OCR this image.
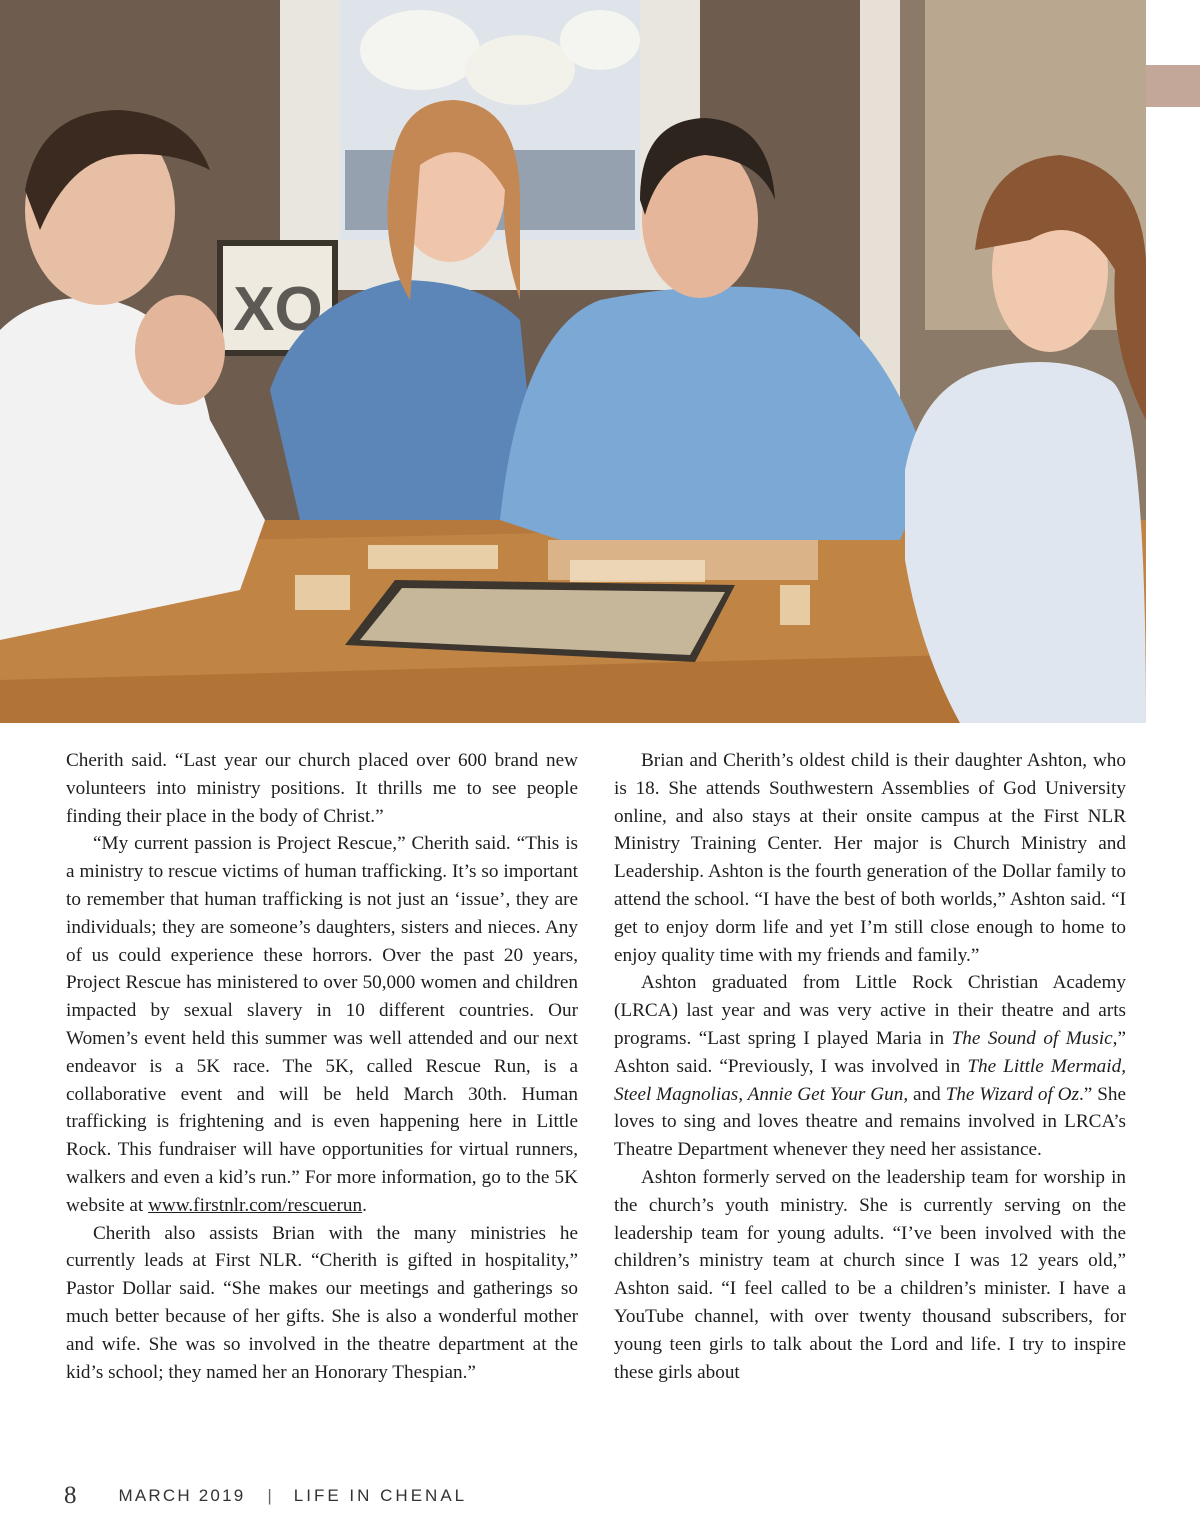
XO

Cherith said. “Last year our church placed over 600 brand new volunteers into ministry positions. It thrills me to see people finding their place in the body of Christ.”

“My current passion is Project Rescue,” Cherith said. “This is a ministry to rescue victims of human trafficking. It’s so important to remember that human trafficking is not just an ‘issue’, they are individuals; they are someone’s daughters, sisters and nieces. Any of us could experience these horrors. Over the past 20 years, Project Rescue has ministered to over 50,000 women and children impacted by sexual slavery in 10 different countries. Our Women’s event held this summer was well attended and our next endeavor is a 5K race. The 5K, called Rescue Run, is a collaborative event and will be held March 30th. Human trafficking is frightening and is even happening here in Little Rock. This fundraiser will have opportunities for virtual runners, walkers and even a kid’s run.” For more information, go to the 5K website at www.firstnlr.com/rescuerun.

Cherith also assists Brian with the many ministries he currently leads at First NLR. “Cherith is gifted in hospitality,” Pastor Dollar said. “She makes our meetings and gatherings so much better because of her gifts. She is also a wonderful mother and wife. She was so involved in the theatre department at the kid’s school; they named her an Honorary Thespian.”

Brian and Cherith’s oldest child is their daughter Ashton, who is 18. She attends Southwestern Assemblies of God University online, and also stays at their onsite campus at the First NLR Ministry Training Center. Her major is Church Ministry and Leadership. Ashton is the fourth generation of the Dollar family to attend the school. “I have the best of both worlds,” Ashton said. “I get to enjoy dorm life and yet I’m still close enough to home to enjoy quality time with my friends and family.”

Ashton graduated from Little Rock Christian Academy (LRCA) last year and was very active in their theatre and arts programs. “Last spring I played Maria in The Sound of Music,” Ashton said. “Previously, I was involved in The Little Mermaid, Steel Magnolias, Annie Get Your Gun, and The Wizard of Oz.” She loves to sing and loves theatre and remains involved in LRCA’s Theatre Department whenever they need her assistance.

Ashton formerly served on the leadership team for worship in the church’s youth ministry. She is currently serving on the leadership team for young adults. “I’ve been involved with the children’s ministry team at church since I was 12 years old,” Ashton said. “I feel called to be a children’s minister. I have a YouTube channel, with over twenty thousand subscribers, for young teen girls to talk about the Lord and life. I try to inspire these girls about

8 MARCH 2019 | LIFE IN CHENAL
